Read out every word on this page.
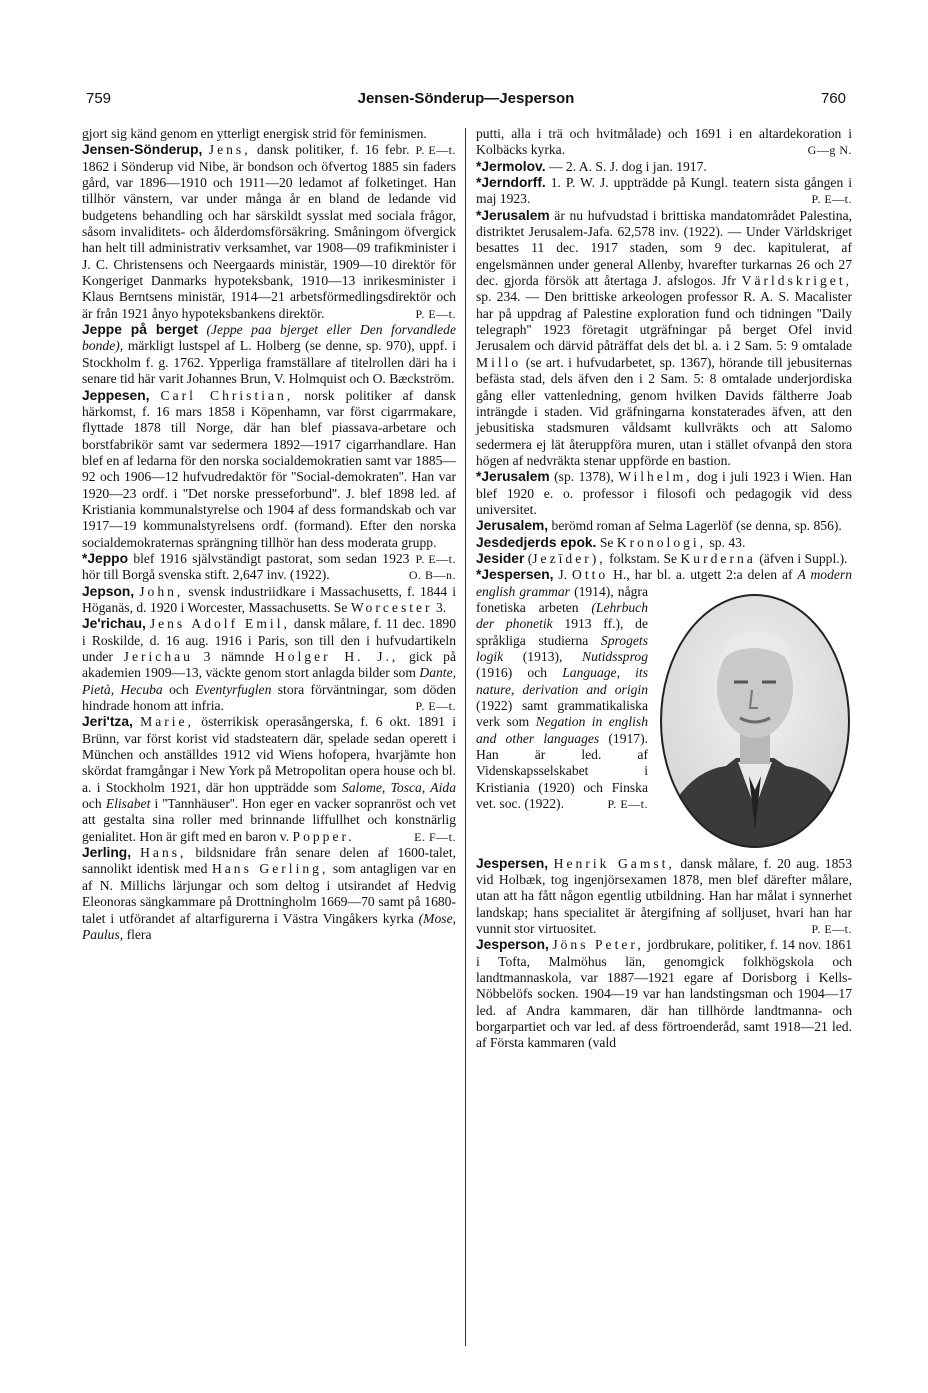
759	Jensen-Sönderup—Jesperson	760

gjort sig känd genom en ytterligt energisk strid för feminismen.
P. E—t.

Jensen-Sönderup, Jens, dansk politiker, f. 16 febr. 1862 i Sönderup vid Nibe, är bondson och öfvertog 1885 sin faders gård, var 1896—1910 och 1911—20 ledamot af folketinget. Han tillhör vänstern, var under många år en bland de ledande vid budgetens behandling och har särskildt sysslat med sociala frågor, såsom invaliditets- och ålderdomsförsäkring. Småningom öfvergick han helt till administrativ verksamhet, var 1908—09 trafikminister i J. C. Christensens och Neergaards ministär, 1909—10 direktör för Kongeriget Danmarks hypoteksbank, 1910—13 inrikesminister i Klaus Berntsens ministär, 1914—21 arbetsförmedlingsdirektör och är från 1921 ånyo hypoteksbankens direktör.	P. E—t.

Jeppe på berget (Jeppe paa bjerget eller Den forvandlede bonde), märkligt lustspel af L. Holberg (se denne, sp. 970), uppf. i Stockholm f. g. 1762. Ypperliga framställare af titelrollen däri ha i senare tid här varit Johannes Brun, V. Holmquist och O. Bæckström.

Jeppesen, Carl Christian, norsk politiker af dansk härkomst, f. 16 mars 1858 i Köpenhamn, var först cigarrmakare, flyttade 1878 till Norge, där han blef piassava-arbetare och borstfabrikör samt var sedermera 1892—1917 cigarrhandlare. Han blef en af ledarna för den norska socialdemokratien samt var 1885—92 och 1906—12 hufvudredaktör för ''Social-demokraten''. Han var 1920—23 ordf. i ''Det norske presseforbund''. J. blef 1898 led. af Kristiania kommunalstyrelse och 1904 af dess formandskab och var 1917—19 kommunalstyrelsens ordf. (formand). Efter den norska socialdemokraternas sprängning tillhör han dess moderata grupp.
P. E—t.

*Jeppo blef 1916 självständigt pastorat, som sedan 1923 hör till Borgå svenska stift. 2,647 inv. (1922).	O. B—n.

Jepson, John, svensk industriidkare i Massachusetts, f. 1844 i Höganäs, d. 1920 i Worcester, Massachusetts. Se Worcester 3.

Je'richau, Jens Adolf Emil, dansk målare, f. 11 dec. 1890 i Roskilde, d. 16 aug. 1916 i Paris, son till den i hufvudartikeln under Jerichau 3 nämnde Holger H. J., gick på akademien 1909—13, väckte genom stort anlagda bilder som Dante, Pietà, Hecuba och Eventyrfuglen stora förväntningar, som döden hindrade honom att infria.	P. E—t.

Jeri'tza, Marie, österrikisk operasångerska, f. 6 okt. 1891 i Brünn, var först korist vid stadsteatern där, spelade sedan operett i München och anställdes 1912 vid Wiens hofopera, hvarjämte hon skördat framgångar i New York på Metropolitan opera house och bl. a. i Stockholm 1921, där hon uppträdde som Salome, Tosca, Aida och Elisabet i ''Tannhäuser''. Hon eger en vacker sopranröst och vet att gestalta sina roller med brinnande liffullhet och konstnärlig genialitet. Hon är gift med en baron v. Popper.	E. F—t.

Jerling, Hans, bildsnidare från senare delen af 1600-talet, sannolikt identisk med Hans Gerling, som antagligen var en af N. Millichs lärjungar och som deltog i utsirandet af Hedvig Eleonoras sängkammare på Drottningholm 1669—70 samt på 1680-talet i utförandet af altarfigurerna i Västra Vingåkers kyrka (Mose, Paulus, flera

putti, alla i trä och hvitmålade) och 1691 i en altardekoration i Kolbäcks kyrka.	G—g N.

*Jermolov. — 2. A. S. J. dog i jan. 1917.

*Jerndorff. 1. P. W. J. uppträdde på Kungl. teatern sista gången i maj 1923.	P. E—t.

*Jerusalem är nu hufvudstad i brittiska mandatområdet Palestina, distriktet Jerusalem-Jafa. 62,578 inv. (1922). — Under Världskriget besattes 11 dec. 1917 staden, som 9 dec. kapitulerat, af engelsmännen under general Allenby, hvarefter turkarnas 26 och 27 dec. gjorda försök att återtaga J. afslogos. Jfr Världskriget, sp. 234. — Den brittiske arkeologen professor R. A. S. Macalister har på uppdrag af Palestine exploration fund och tidningen ''Daily telegraph'' 1923 företagit utgräfningar på berget Ofel invid Jerusalem och därvid påträffat dels det bl. a. i 2 Sam. 5: 9 omtalade Millo (se art. i hufvudarbetet, sp. 1367), hörande till jebusiternas befästa stad, dels äfven den i 2 Sam. 5: 8 omtalade underjordiska gång eller vattenledning, genom hvilken Davids fältherre Joab inträngde i staden. Vid gräfningarna konstaterades äfven, att den jebusitiska stadsmuren våldsamt kullvräkts och att Salomo sedermera ej lät återuppföra muren, utan i stället ofvanpå den stora högen af nedvräkta stenar uppförde en bastion.

*Jerusalem (sp. 1378), Wilhelm, dog i juli 1923 i Wien. Han blef 1920 e. o. professor i filosofi och pedagogik vid dess universitet.

Jerusalem, berömd roman af Selma Lagerlöf (se denna, sp. 856).

Jesdedjerds epok. Se Kronologi, sp. 43.

Jesider (Jezīder), folkstam. Se Kurderna (äfven i Suppl.).

*Jespersen, J. Otto H., har bl. a. utgett 2:a delen af A modern english grammar (1914), några fonetiska arbeten (Lehrbuch der phonetik 1913 ff.), de språkliga studierna Sprogets logik (1913), Nutidssprog (1916) och Language, its nature, derivation and origin (1922) samt grammatikaliska verk som Negation in english and other languages (1917). Han är led. af Videnskapsselskabet i Kristiania (1920) och Finska vet. soc. (1922).	P. E—t.

Jespersen, Henrik Gamst, dansk målare, f. 20 aug. 1853 vid Holbæk, tog ingenjörsexamen 1878, men blef därefter målare, utan att ha fått någon egentlig utbildning. Han har målat i synnerhet landskap; hans specialitet är återgifning af solljuset, hvari han har vunnit stor virtuositet.	P. E—t.

Jesperson, Jöns Peter, jordbrukare, politiker, f. 14 nov. 1861 i Tofta, Malmöhus län, genomgick folkhögskola och landtmannaskola, var 1887—1921 egare af Dorisborg i Kells-Nöbbelöfs socken. 1904—19 var han landstingsman och 1904—17 led. af Andra kammaren, där han tillhörde landtmanna- och borgarpartiet och var led. af dess förtroenderåd, samt 1918—21 led. af Första kammaren (vald
